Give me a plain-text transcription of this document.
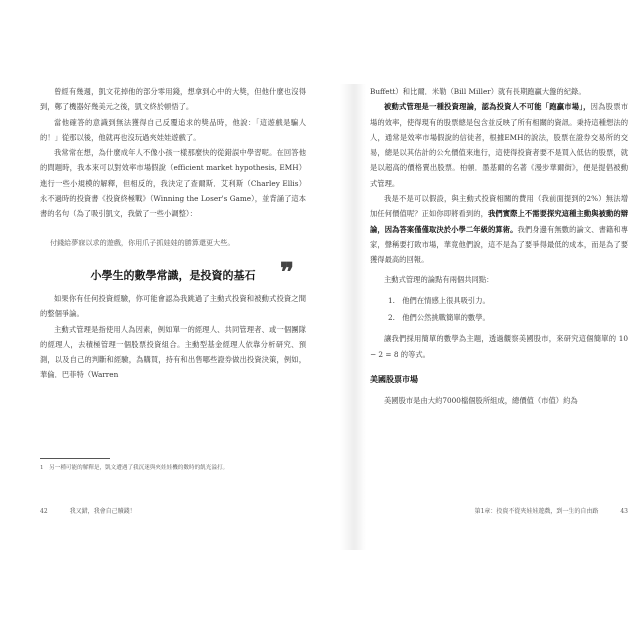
曾經有幾週，凱文花掉他的部分零用錢，想拿到心中的大獎，但他什麼也沒得到，鄭了機器好幾美元之後，凱文終於頓悟了。

當他確答的意識到無法獲得自己反覆追求的獎品時，他說：「這遊戲是騙人的！」從那以後，他就再也沒玩過夾娃娃遊戲了。

我常常在想，為什麼成年人不像小孩一樣那麼快的從錯誤中學習呢。在回答他的問題時，我本來可以對效率市場假說（efficient market hypothesis, EMH）進行一些小規模的解釋，但相反的，我決定了查爾斯．艾利斯（Charley Ellis）永不過時的投資書《投資終極戰》（Winning the Loser's Game），並背誦了這本書的名句（為了吸引凱文，我做了一些小調整）：

付錢給夢寐以求的遊戲，你用爪子抓娃娃的勝算還更大些。
❞
小學生的數學常識，是投資的基石

如果你有任何投資經驗，你可能會認為我跳過了主動式投資和被動式投資之間的整個爭論。

主動式管理是指使用人為因素，例如單一的經理人、共同管理者、或一個團隊的經理人，去積極管理一個股票投資組合。主動型基金經理人依靠分析研究、預測，以及自己的判斷和經驗，為購買，持有和出售哪些證券做出投資決策，例如，華倫．巴菲特（Warren

1　另一種可能的解釋是，凱文遭遇了我沉迷與夾娃娃機的數時的飢光溢打。
42	我又錯，我會自己贖錢！

Buffett）和比爾．米勒（Bill Miller）就有長期跑贏大盤的紀錄。

被動式管理是一種投資理論，認為投資人不可能「跑贏市場」，因為股票市場的效率，使得現有的股票總是包含並反映了所有相關的資訊。秉持這種想法的人，通常是效率市場假說的信徒者，根據EMH的說法，股票在證券交易所的交易，總是以其估計的公允價值來進行，這使得投資者要不是買入低估的股票，就是以超高的價格賣出股票。柏頓．墨基爾的名著《漫步華爾街》，便是提倡被動式管理。

我是不是可以假設，與主動式投資相關的費用（我前面提到的2%）無法增加任何價值呢？正如你即將看到的，我們實際上不需要探究這種主動與被動的辯論，因為答案僅僅取決於小學二年級的算術。我們身邊有無數的論文、書籍和專家，聲稱要打敗市場，華竟他們說，這不是為了要爭得最低的成本，而是為了要獲得最高的回報。

主動式管理的論點有兩個共同點：

1.　他們在情感上很具吸引力。
2.　他們公然挑戰簡單的數學。

讓我們採用簡單的數學為主題，透過觀察美國股市，來研究這個簡單的 10 − 2 = 8 的等式。

美國股票市場

美國股市是由大約7000檔個股所組成，總價值（市值）約為

第1章：投資不從夾娃娃遊戲，到一生的自由路	43
